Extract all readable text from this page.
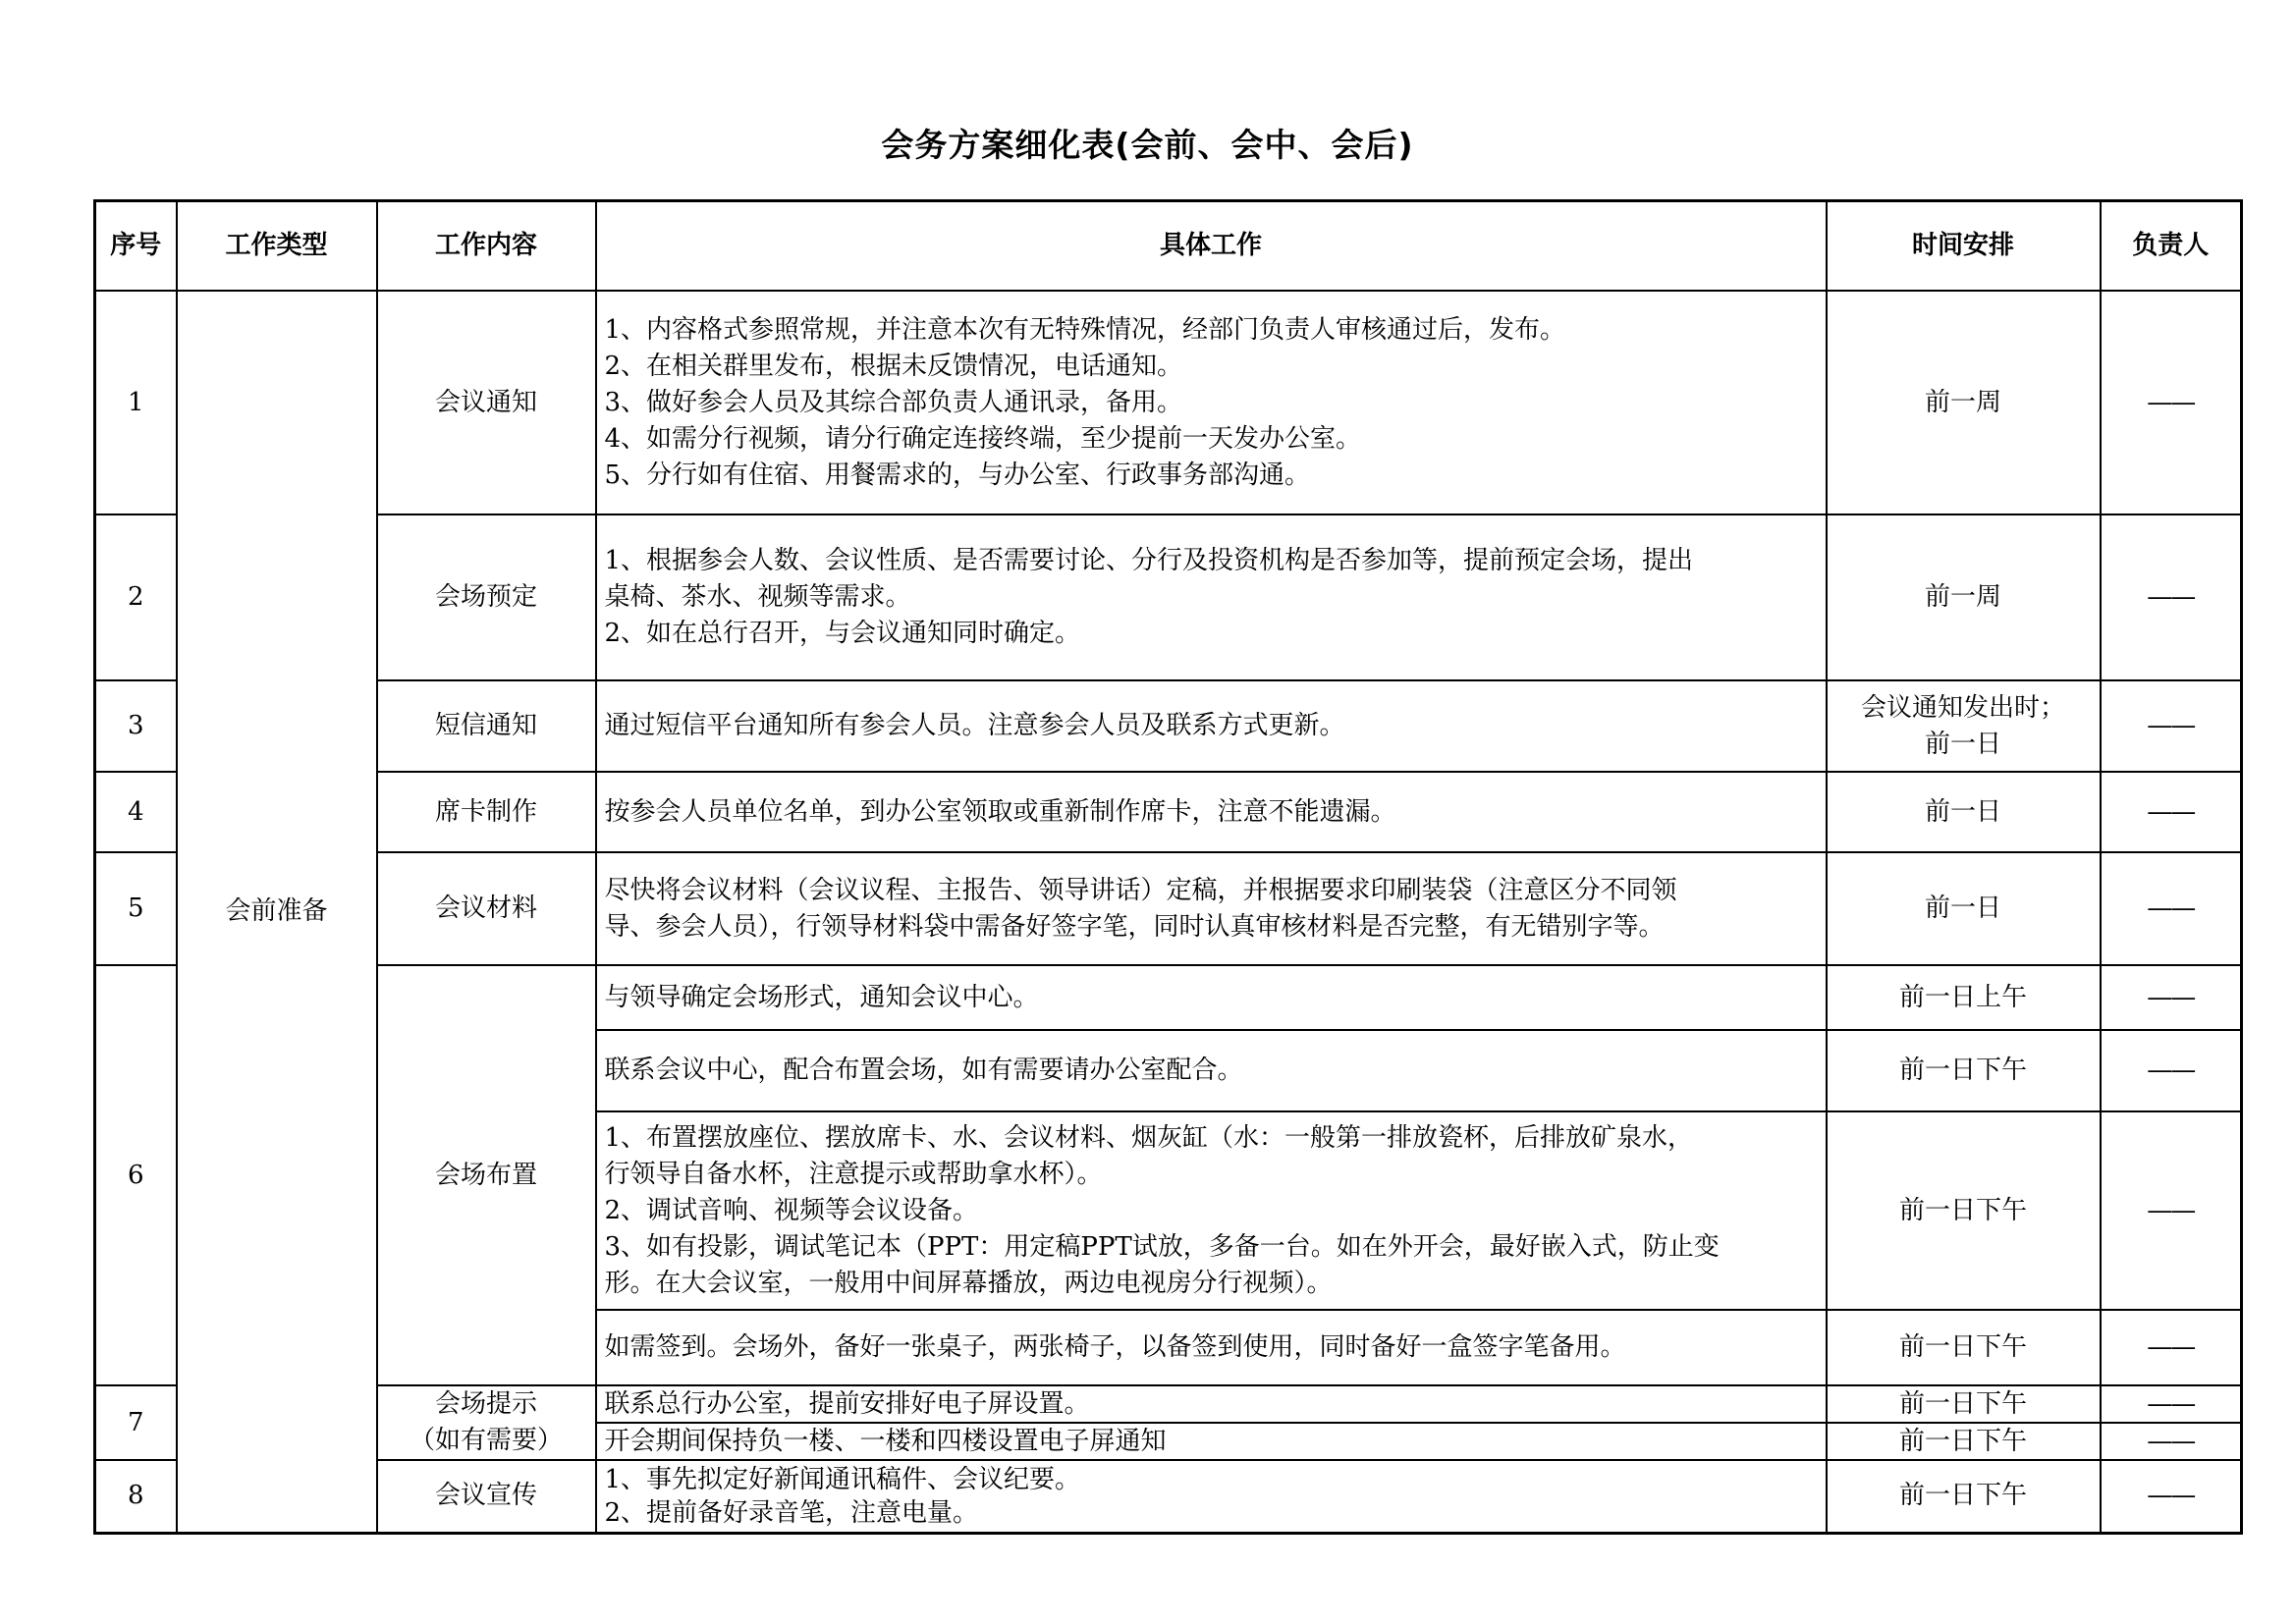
会务方案细化表(会前、会中、会后)
序号	工作类型	工作内容	具体工作	时间安排	负责人
1	会前准备	会议通知	1、内容格式参照常规，并注意本次有无特殊情况，经部门负责人审核通过后，发布。
2、在相关群里发布，根据未反馈情况，电话通知。
3、做好参会人员及其综合部负责人通讯录，备用。
4、如需分行视频，请分行确定连接终端，至少提前一天发办公室。
5、分行如有住宿、用餐需求的，与办公室、行政事务部沟通。	前一周	——
2		会场预定	1、根据参会人数、会议性质、是否需要讨论、分行及投资机构是否参加等，提前预定会场，提出
桌椅、茶水、视频等需求。
2、如在总行召开，与会议通知同时确定。	前一周	——
3		短信通知	通过短信平台通知所有参会人员。注意参会人员及联系方式更新。	会议通知发出时；
前一日	——
4		席卡制作	按参会人员单位名单，到办公室领取或重新制作席卡，注意不能遗漏。	前一日	——
5		会议材料	尽快将会议材料（会议议程、主报告、领导讲话）定稿，并根据要求印刷装袋（注意区分不同领
导、参会人员），行领导材料袋中需备好签字笔，同时认真审核材料是否完整，有无错别字等。	前一日	——
6		会场布置	与领导确定会场形式，通知会议中心。	前一日上午	——

			联系会议中心，配合布置会场，如有需要请办公室配合。	前一日下午	——

			1、布置摆放座位、摆放席卡、水、会议材料、烟灰缸（水：一般第一排放瓷杯，后排放矿泉水，
行领导自备水杯，注意提示或帮助拿水杯）。
2、调试音响、视频等会议设备。
3、如有投影，调试笔记本（PPT：用定稿PPT试放，多备一台。如在外开会，最好嵌入式，防止变
形。在大会议室，一般用中间屏幕播放，两边电视房分行视频）。	前一日下午	——

			如需签到。会场外，备好一张桌子，两张椅子，以备签到使用，同时备好一盒签字笔备用。	前一日下午	——
7		会场提示
（如有需要）	联系总行办公室，提前安排好电子屏设置。	前一日下午	——
			开会期间保持负一楼、一楼和四楼设置电子屏通知	前一日下午	——
8		会议宣传	1、事先拟定好新闻通讯稿件、会议纪要。
2、提前备好录音笔，注意电量。	前一日下午	——
